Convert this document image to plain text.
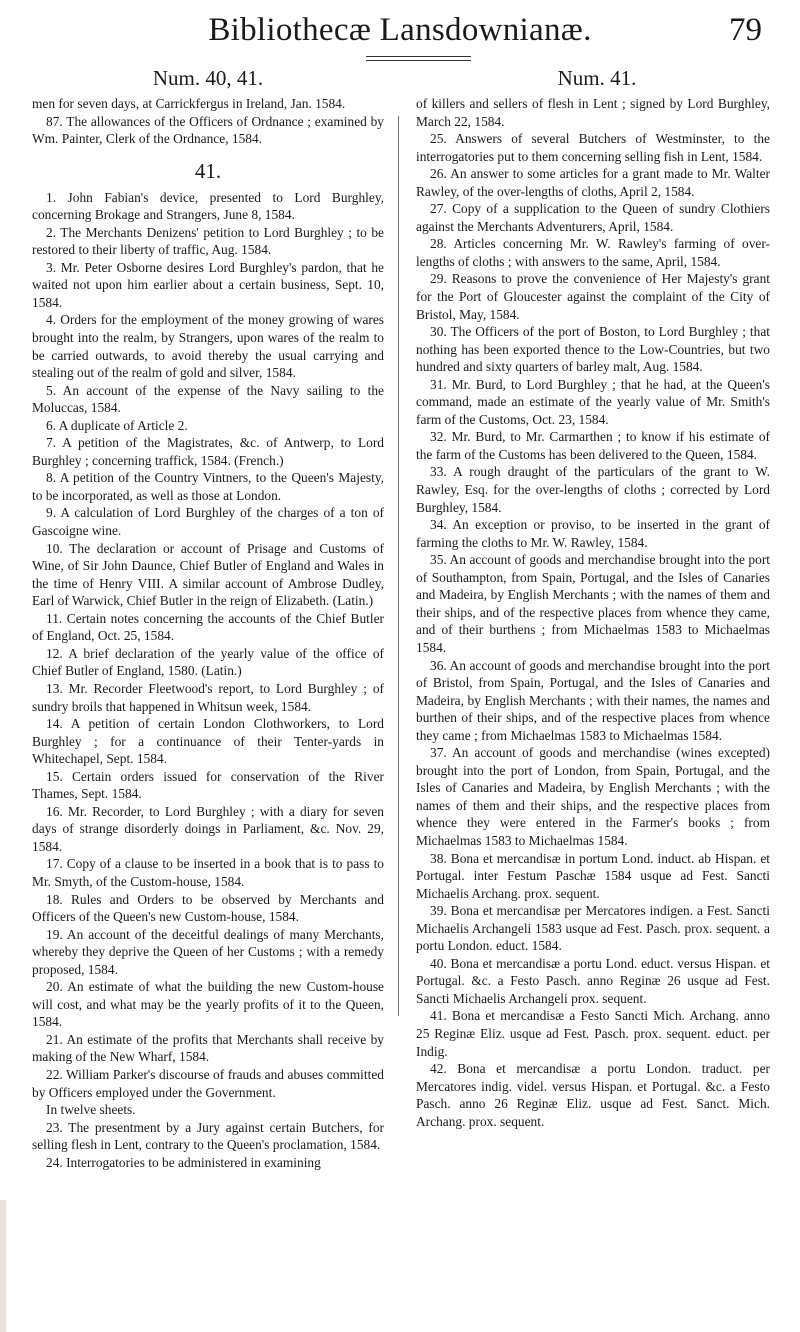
Bibliothecæ Lansdownianæ.	79
Num. 40, 41.

men for seven days, at Carrickfergus in Ireland, Jan. 1584.

87. The allowances of the Officers of Ordnance ; examined by Wm. Painter, Clerk of the Ordnance, 1584.

41.

1. John Fabian's device, presented to Lord Burghley, concerning Brokage and Strangers, June 8, 1584.

2. The Merchants Denizens' petition to Lord Burghley ; to be restored to their liberty of traffic, Aug. 1584.

3. Mr. Peter Osborne desires Lord Burghley's pardon, that he waited not upon him earlier about a certain business, Sept. 10, 1584.

4. Orders for the employment of the money growing of wares brought into the realm, by Strangers, upon wares of the realm to be carried outwards, to avoid thereby the usual carrying and stealing out of the realm of gold and silver, 1584.

5. An account of the expense of the Navy sailing to the Moluccas, 1584.

6. A duplicate of Article 2.

7. A petition of the Magistrates, &c. of Antwerp, to Lord Burghley ; concerning traffick, 1584. (French.)

8. A petition of the Country Vintners, to the Queen's Majesty, to be incorporated, as well as those at London.

9. A calculation of Lord Burghley of the charges of a ton of Gascoigne wine.

10. The declaration or account of Prisage and Customs of Wine, of Sir John Daunce, Chief Butler of England and Wales in the time of Henry VIII. A similar account of Ambrose Dudley, Earl of Warwick, Chief Butler in the reign of Elizabeth. (Latin.)

11. Certain notes concerning the accounts of the Chief Butler of England, Oct. 25, 1584.

12. A brief declaration of the yearly value of the office of Chief Butler of England, 1580. (Latin.)

13. Mr. Recorder Fleetwood's report, to Lord Burghley ; of sundry broils that happened in Whitsun week, 1584.

14. A petition of certain London Clothworkers, to Lord Burghley ; for a continuance of their Tenter-yards in Whitechapel, Sept. 1584.

15. Certain orders issued for conservation of the River Thames, Sept. 1584.

16. Mr. Recorder, to Lord Burghley ; with a diary for seven days of strange disorderly doings in Parliament, &c. Nov. 29, 1584.

17. Copy of a clause to be inserted in a book that is to pass to Mr. Smyth, of the Custom-house, 1584.

18. Rules and Orders to be observed by Merchants and Officers of the Queen's new Custom-house, 1584.

19. An account of the deceitful dealings of many Merchants, whereby they deprive the Queen of her Customs ; with a remedy proposed, 1584.

20. An estimate of what the building the new Custom-house will cost, and what may be the yearly profits of it to the Queen, 1584.

21. An estimate of the profits that Merchants shall receive by making of the New Wharf, 1584.

22. William Parker's discourse of frauds and abuses committed by Officers employed under the Government.

In twelve sheets.

23. The presentment by a Jury against certain Butchers, for selling flesh in Lent, contrary to the Queen's proclamation, 1584.

24. Interrogatories to be administered in examining

Num. 41.

of killers and sellers of flesh in Lent ; signed by Lord Burghley, March 22, 1584.

25. Answers of several Butchers of Westminster, to the interrogatories put to them concerning selling fish in Lent, 1584.

26. An answer to some articles for a grant made to Mr. Walter Rawley, of the over-lengths of cloths, April 2, 1584.

27. Copy of a supplication to the Queen of sundry Clothiers against the Merchants Adventurers, April, 1584.

28. Articles concerning Mr. W. Rawley's farming of over-lengths of cloths ; with answers to the same, April, 1584.

29. Reasons to prove the convenience of Her Majesty's grant for the Port of Gloucester against the complaint of the City of Bristol, May, 1584.

30. The Officers of the port of Boston, to Lord Burghley ; that nothing has been exported thence to the Low-Countries, but two hundred and sixty quarters of barley malt, Aug. 1584.

31. Mr. Burd, to Lord Burghley ; that he had, at the Queen's command, made an estimate of the yearly value of Mr. Smith's farm of the Customs, Oct. 23, 1584.

32. Mr. Burd, to Mr. Carmarthen ; to know if his estimate of the farm of the Customs has been delivered to the Queen, 1584.

33. A rough draught of the particulars of the grant to W. Rawley, Esq. for the over-lengths of cloths ; corrected by Lord Burghley, 1584.

34. An exception or proviso, to be inserted in the grant of farming the cloths to Mr. W. Rawley, 1584.

35. An account of goods and merchandise brought into the port of Southampton, from Spain, Portugal, and the Isles of Canaries and Madeira, by English Merchants ; with the names of them and their ships, and of the respective places from whence they came, and of their burthens ; from Michaelmas 1583 to Michaelmas 1584.

36. An account of goods and merchandise brought into the port of Bristol, from Spain, Portugal, and the Isles of Canaries and Madeira, by English Merchants ; with their names, the names and burthen of their ships, and of the respective places from whence they came ; from Michaelmas 1583 to Michaelmas 1584.

37. An account of goods and merchandise (wines excepted) brought into the port of London, from Spain, Portugal, and the Isles of Canaries and Madeira, by English Merchants ; with the names of them and their ships, and the respective places from whence they were entered in the Farmer's books ; from Michaelmas 1583 to Michaelmas 1584.

38. Bona et mercandisæ in portum Lond. induct. ab Hispan. et Portugal. inter Festum Paschæ 1584 usque ad Fest. Sancti Michaelis Archang. prox. sequent.

39. Bona et mercandisæ per Mercatores indigen. a Fest. Sancti Michaelis Archangeli 1583 usque ad Fest. Pasch. prox. sequent. a portu London. educt. 1584.

40. Bona et mercandisæ a portu Lond. educt. versus Hispan. et Portugal. &c. a Festo Pasch. anno Reginæ 26 usque ad Fest. Sancti Michaelis Archangeli prox. sequent.

41. Bona et mercandisæ a Festo Sancti Mich. Archang. anno 25 Reginæ Eliz. usque ad Fest. Pasch. prox. sequent. educt. per Indig.

42. Bona et mercandisæ a portu London. traduct. per Mercatores indig. videl. versus Hispan. et Portugal. &c. a Festo Pasch. anno 26 Reginæ Eliz. usque ad Fest. Sanct. Mich. Archang. prox. sequent.
